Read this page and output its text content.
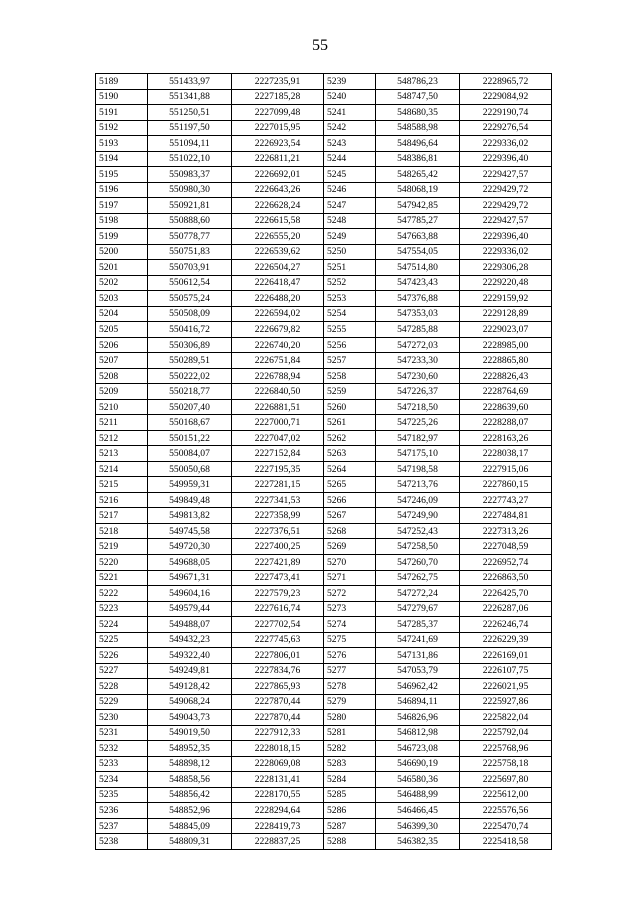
55
5189	551433,97	2227235,91	5239	548786,23	2228965,72
5190	551341,88	2227185,28	5240	548747,50	2229084,92
5191	551250,51	2227099,48	5241	548680,35	2229190,74
5192	551197,50	2227015,95	5242	548588,98	2229276,54
5193	551094,11	2226923,54	5243	548496,64	2229336,02
5194	551022,10	2226811,21	5244	548386,81	2229396,40
5195	550983,37	2226692,01	5245	548265,42	2229427,57
5196	550980,30	2226643,26	5246	548068,19	2229429,72
5197	550921,81	2226628,24	5247	547942,85	2229429,72
5198	550888,60	2226615,58	5248	547785,27	2229427,57
5199	550778,77	2226555,20	5249	547663,88	2229396,40
5200	550751,83	2226539,62	5250	547554,05	2229336,02
5201	550703,91	2226504,27	5251	547514,80	2229306,28
5202	550612,54	2226418,47	5252	547423,43	2229220,48
5203	550575,24	2226488,20	5253	547376,88	2229159,92
5204	550508,09	2226594,02	5254	547353,03	2229128,89
5205	550416,72	2226679,82	5255	547285,88	2229023,07
5206	550306,89	2226740,20	5256	547272,03	2228985,00
5207	550289,51	2226751,84	5257	547233,30	2228865,80
5208	550222,02	2226788,94	5258	547230,60	2228826,43
5209	550218,77	2226840,50	5259	547226,37	2228764,69
5210	550207,40	2226881,51	5260	547218,50	2228639,60
5211	550168,67	2227000,71	5261	547225,26	2228288,07
5212	550151,22	2227047,02	5262	547182,97	2228163,26
5213	550084,07	2227152,84	5263	547175,10	2228038,17
5214	550050,68	2227195,35	5264	547198,58	2227915,06
5215	549959,31	2227281,15	5265	547213,76	2227860,15
5216	549849,48	2227341,53	5266	547246,09	2227743,27
5217	549813,82	2227358,99	5267	547249,90	2227484,81
5218	549745,58	2227376,51	5268	547252,43	2227313,26
5219	549720,30	2227400,25	5269	547258,50	2227048,59
5220	549688,05	2227421,89	5270	547260,70	2226952,74
5221	549671,31	2227473,41	5271	547262,75	2226863,50
5222	549604,16	2227579,23	5272	547272,24	2226425,70
5223	549579,44	2227616,74	5273	547279,67	2226287,06
5224	549488,07	2227702,54	5274	547285,37	2226246,74
5225	549432,23	2227745,63	5275	547241,69	2226229,39
5226	549322,40	2227806,01	5276	547131,86	2226169,01
5227	549249,81	2227834,76	5277	547053,79	2226107,75
5228	549128,42	2227865,93	5278	546962,42	2226021,95
5229	549068,24	2227870,44	5279	546894,11	2225927,86
5230	549043,73	2227870,44	5280	546826,96	2225822,04
5231	549019,50	2227912,33	5281	546812,98	2225792,04
5232	548952,35	2228018,15	5282	546723,08	2225768,96
5233	548898,12	2228069,08	5283	546690,19	2225758,18
5234	548858,56	2228131,41	5284	546580,36	2225697,80
5235	548856,42	2228170,55	5285	546488,99	2225612,00
5236	548852,96	2228294,64	5286	546466,45	2225576,56
5237	548845,09	2228419,73	5287	546399,30	2225470,74
5238	548809,31	2228837,25	5288	546382,35	2225418,58
